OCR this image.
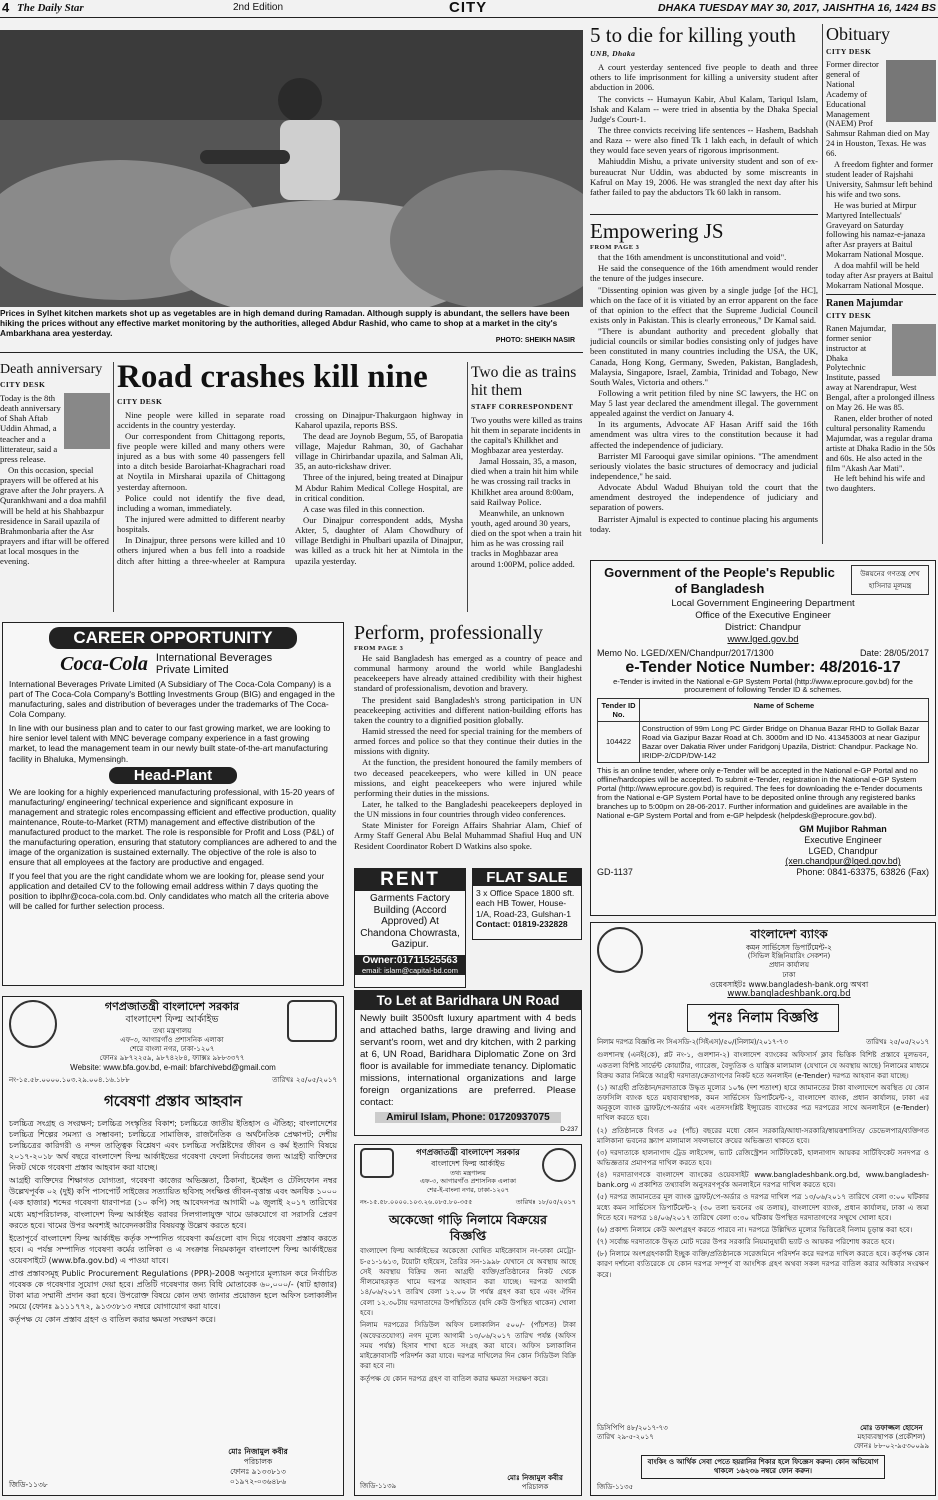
4 The Daily Star	2nd Edition	CITY	DHAKA TUESDAY MAY 30, 2017, JAISHTHA 16, 1424 BS
Prices in Sylhet kitchen markets shot up as vegetables are in high demand during Ramadan. Although supply is abundant, the sellers have been hiking the prices without any effective market monitoring by the authorities, alleged Abdur Rashid, who came to shop at a market in the city's Ambarkhana area yesterday.
PHOTO: SHEIKH NASIR
5 to die for killing youth
UNB, Dhaka

A court yesterday sentenced five people to death and three others to life imprisonment for killing a university student after abduction in 2006.

The convicts -- Humayun Kabir, Abul Kalam, Tariqul Islam, Ishak and Kalam -- were tried in absentia by the Dhaka Special Judge's Court-1.

The three convicts receiving life sentences -- Hashem, Badshah and Raza -- were also fined Tk 1 lakh each, in default of which they would face seven years of rigorous imprisonment.

Mahiuddin Mishu, a private university student and son of ex-bureaucrat Nur Uddin, was abducted by some miscreants in Kafrul on May 19, 2006. He was strangled the next day after his father failed to pay the abductors Tk 60 lakh in ransom.

Empowering JS
FROM PAGE 3

that the 16th amendment is unconstitutional and void".

He said the consequence of the 16th amendment would render the tenure of the judges insecure.

"Dissenting opinion was given by a single judge [of the HC], which on the face of it is vitiated by an error apparent on the face of that opinion to the effect that the Supreme Judicial Council exists only in Pakistan. This is clearly erroneous," Dr Kamal said.

"There is abundant authority and precedent globally that judicial councils or similar bodies consisting only of judges have been constituted in many countries including the USA, the UK, Canada, Hong Kong, Germany, Sweden, Pakistan, Bangladesh, Malaysia, Singapore, Israel, Zambia, Trinidad and Tobago, New South Wales, Victoria and others."

Following a writ petition filed by nine SC lawyers, the HC on May 5 last year declared the amendment illegal. The government appealed against the verdict on January 4.

In its arguments, Advocate AF Hasan Ariff said the 16th amendment was ultra vires to the constitution because it had affected the independence of judiciary.

Barrister MI Farooqui gave similar opinions. "The amendment seriously violates the basic structures of democracy and judicial independence," he said.

Advocate Abdul Wadud Bhuiyan told the court that the amendment destroyed the independence of judiciary and separation of powers.

Barrister Ajmalul is expected to continue placing his arguments today.

Obituary
CITY DESK

Former director general of National Academy of Educational Management (NAEM) Prof Sahmsur Rahman died on May 24 in Houston, Texas. He was 66.

A freedom fighter and former student leader of Rajshahi University, Sahmsur left behind his wife and two sons.

He was buried at Mirpur Martyred Intellectuals' Graveyard on Saturday following his namaz-e-janaza after Asr prayers at Baitul Mokarram National Mosque.

A doa mahfil will be held today after Asr prayers at Baitul Mokarram National Mosque.

Ranen Majumdar
CITY DESK

Ranen Majumdar, former senior instructor at Dhaka Polytechnic Institute, passed away at Narendrapur, West Bengal, after a prolonged illness on May 26. He was 85.

Ranen, elder brother of noted cultural personality Ramendu Majumdar, was a regular drama artiste at Dhaka Radio in the 50s and 60s. He also acted in the film "Akash Aar Mati".

He left behind his wife and two daughters.

Death anniversary
CITY DESK

Today is the 8th death anniversary of Shah Aftab Uddin Ahmad, a teacher and a litterateur, said a press release.

On this occasion, special prayers will be offered at his grave after the Johr prayers. A Qurankhwani and a doa mahfil will be held at his Shahbazpur residence in Sarail upazila of Brahmonbaria after the Asr prayers and iftar will be offered at local mosques in the evening.

Road crashes kill nine
CITY DESK

Nine people were killed in separate road accidents in the country yesterday.

Our correspondent from Chittagong reports, five people were killed and many others were injured as a bus with some 40 passengers fell into a ditch beside Baroiarhat-Khagrachari road at Noytila in Mirsharai upazila of Chittagong yesterday afternoon.

Police could not identify the five dead, including a woman, immediately.

The injured were admitted to different nearby hospitals.

In Dinajpur, three persons were killed and 10 others injured when a bus fell into a roadside ditch after hitting a three-wheeler at Rampura crossing on Dinajpur-Thakurgaon highway in Kaharol upazila, reports BSS.

The dead are Joynob Begum, 55, of Baropatia village, Majedur Rahman, 30, of Gachahar village in Chirirbandar upazila, and Salman Ali, 35, an auto-rickshaw driver.

Three of the injured, being treated at Dinajpur M Abdur Rahim Medical College Hospital, are in critical condition.

A case was filed in this connection.

Our Dinajpur correspondent adds, Mysha Akter, 5, daughter of Alam Chowdhury of village Betdighi in Phulbari upazila of Dinajpur, was killed as a truck hit her at Nimtola in the upazila yesterday.

Two die as trains hit them
STAFF CORRESPONDENT

Two youths were killed as trains hit them in separate incidents in the capital's Khilkhet and Moghbazar area yesterday.

Jamal Hossain, 35, a mason, died when a train hit him while he was crossing rail tracks in Khilkhet area around 8:00am, said Railway Police.

Meanwhile, an unknown youth, aged around 30 years, died on the spot when a train hit him as he was crossing rail tracks in Moghbazar area around 1:00PM, police added.

CAREER OPPORTUNITY
Coca-Cola International Beverages Private Limited
International Beverages Private Limited (A Subsidiary of The Coca-Cola Company) is a part of The Coca-Cola Company's Bottling Investments Group (BIG) and engaged in the manufacturing, sales and distribution of beverages under the trademarks of The Coca-Cola Company.
In line with our business plan and to cater to our fast growing market, we are looking to hire senior level talent with MNC beverage company experience in a fast growing market, to lead the management team in our newly built state-of-the-art manufacturing facility in Bhaluka, Mymensingh.
Head-Plant
We are looking for a highly experienced manufacturing professional, with 15-20 years of manufacturing/ engineering/ technical experience and significant exposure in management and strategic roles encompassing efficient and effective production, quality maintenance, Route-to-Market (RTM) management and effective distribution of the manufactured product to the market. The role is responsible for Profit and Loss (P&L) of the manufacturing operation, ensuring that statutory compliances are adhered to and the image of the organization is sustained externally. The objective of the role is also to ensure that all employees at the factory are productive and engaged.
If you feel that you are the right candidate whom we are looking for, please send your application and detailed CV to the following email address within 7 days quoting the position to ibplhr@coca-cola.com.bd. Only candidates who match all the criteria above will be called for further selection process.
Perform, professionally
FROM PAGE 3

He said Bangladesh has emerged as a country of peace and communal harmony around the world while Bangladeshi peacekeepers have already attained credibility with their highest standard of professionalism, devotion and bravery.

The president said Bangladesh's strong participation in UN peacekeeping activities and different nation-building efforts has taken the country to a dignified position globally.

Hamid stressed the need for special training for the members of armed forces and police so that they continue their duties in the missions with dignity.

At the function, the president honoured the family members of two deceased peacekeepers, who were killed in UN peace missions, and eight peacekeepers who were injured while performing their duties in the missions.

Later, he talked to the Bangladeshi peacekeepers deployed in the UN missions in four countries through video conferences.

State Minister for Foreign Affairs Shahriar Alam, Chief of Army Staff General Abu Belal Muhammad Shafiul Huq and UN Resident Coordinator Robert D Watkins also spoke.

RENT
Garments Factory Building (Accord Approved) At Chandona Chowrasta, Gazipur.
Owner:01711525563
email: islam@capital-bd.com
FLAT SALE
3 x Office Space 1800 sft. each HB Tower, House-1/A, Road-23, Gulshan-1
Contact: 01819-232828
To Let at Baridhara UN Road
Newly built 3500sft luxury apartment with 4 beds and attached baths, large drawing and living and servant's room, wet and dry kitchen, with 2 parking at 6, UN Road, Baridhara Diplomatic Zone on 3rd floor is available for immediate tenancy. Diplomatic missions, international organizations and large foreign organizations are preferred. Please contact:
Amirul Islam, Phone: 01720937075
D-237
Government of the People's Republic of Bangladesh
উন্নয়নের গণতন্ত্র শেখ হাসিনার মূলমন্ত্র
Local Government Engineering Department
Office of the Executive Engineer
District: Chandpur
www.lged.gov.bd
Memo No. LGED/XEN/Chandpur/2017/1300	Date: 28/05/2017
e-Tender Notice Number: 48/2016-17
e-Tender is invited in the National e-GP System Portal (http://www.eprocure.gov.bd) for the procurement of following Tender ID & schemes.
Tender ID No.	Name of Scheme
104422	Construction of 99m Long PC Girder Bridge on Dhanua Bazar RHD to Gollak Bazar Road via Gazipur Bazar Road at Ch. 3000m and ID No. 413453003 at near Gazipur Bazar over Dakatia River under Faridgonj Upazila, District: Chandpur. Package No. IRIDP-2/CDP/DW-142
This is an online tender, where only e-Tender will be accepted in the National e-GP Portal and no offline/hardcopies will be accepted. To submit e-Tender, registration in the National e-GP System Portal (http://www.eprocure.gov.bd) is required. The fees for downloading the e-Tender documents from the National e-GP System Portal have to be deposited online through any registered banks branches up to 5:00pm on 28-06-2017. Further information and guidelines are available in the National e-GP System Portal and from e-GP helpdesk (helpdesk@eprocure.gov.bd).
GM Mujibor Rahman
Executive Engineer
LGED, Chandpur
(xen.chandpur@lged.gov.bd)
GD-1137	Phone: 0841-63375, 63826 (Fax)
গণপ্রজাতন্ত্রী বাংলাদেশ সরকার
বাংলাদেশ ফিল্ম আর্কাইভ
তথ্য মন্ত্রণালয়
এফ-৩, আগারগাঁও প্রশাসনিক এলাকা
শেরে বাংলা নগর, ঢাকা-১২০৭
ফোনঃ ৯৮৭২২৫৯, ৯৮৭৪২৮৪, ফ্যাক্সঃ ৯৮৮৩৩৭৭
Website: www.bfa.gov.bd, e-mail: bfarchivebd@gmail.com
নং-১৫.৫৮.০০০০.১০৩.২৯.০০৪.১৬.১৮৮	তারিখঃ ২৫/০৫/২০১৭
গবেষণা প্রস্তাব আহবান

চলচ্চিত্র সংগ্রহ ও সংরক্ষণ; চলচ্চিত্র সংস্কৃতির বিকাশ; চলচ্চিত্রে জাতীয় ইতিহাস ও ঐতিহ্য; বাংলাদেশের চলচ্চিত্র শিল্পের সমস্যা ও সম্ভাবনা; চলচ্চিত্রে সামাজিক, রাজনৈতিক ও অর্থনৈতিক প্রেক্ষাপট; দেশীয় চলচ্চিত্রের কারিগরী ও নন্দন তাত্ত্বিক বিশ্লেষণ এবং চলচ্চিত্র সংশ্লিষ্টদের জীবন ও কর্ম ইত্যাদি বিষয়ে ২০১৭-২০১৮ অর্থ বছরে বাংলাদেশ ফিল্ম আর্কাইভের গবেষণা ফেলো নির্বাচনের জন্য আগ্রহী ব্যক্তিদের নিকট থেকে গবেষণা প্রস্তাব আহবান করা যাচ্ছে।

আগ্রহী ব্যক্তিদের শিক্ষাগত যোগ্যতা, গবেষণা কাজের অভিজ্ঞতা, ঠিকানা, ইমেইল ও টেলিফোন নম্বর উল্লেখপূর্বক ০২ (দুই) কপি পাসপোর্ট সাইজের সত্যায়িত ছবিসহ সংক্ষিপ্ত জীবন-বৃত্তান্ত এবং অনধিক ১০০০ (এক হাজার) শব্দের গবেষণা ধারণাপত্র (১০ কপি) সহ আবেদনপত্র আগামী ০৯ জুলাই ২০১৭ তারিখের মধ্যে মহাপরিচালক, বাংলাদেশ ফিল্ম আর্কাইভ বরাবর সিলগালাযুক্ত খামে ডাকযোগে বা সরাসরি প্রেরণ করতে হবে। খামের উপর অবশ্যই আবেদনকারীর বিষয়বস্তু উল্লেখ করতে হবে।

ইতোপূর্বে বাংলাদেশ ফিল্ম আর্কাইভ কর্তৃক সম্পাদিত গবেষণা কর্মগুলো বাদ দিয়ে গবেষণা প্রস্তাব করতে হবে। এ পর্যন্ত সম্পাদিত গবেষণা কর্মের তালিকা ও এ সংক্রান্ত নিয়মকানুন বাংলাদেশ ফিল্ম আর্কাইভের ওয়েবসাইটে (www.bfa.gov.bd) এ পাওয়া যাবে।

প্রাপ্ত প্রস্তাবসমূহ Public Procurement Regulations (PPR)-2008 অনুসারে মূল্যায়ন করে নির্বাচিত গবেষক কে গবেষণার সুযোগ দেয়া হবে। প্রতিটি গবেষণার জন্য বিধি মোতাবেক ৬০,০০০/- (ষাট হাজার) টাকা মাত্র সম্মানী প্রদান করা হবে। উপরোক্ত বিষয়ে কোন তথ্য জানার প্রয়োজন হলে অফিস চলাকালীন সময়ে (ফোনঃ ৯১১১৭৭২, ৯১৩৩৮১৩ নম্বরে যোগাযোগ করা যাবে।

কর্তৃপক্ষ যে কোন প্রস্তাব গ্রহণ ও বাতিল করার ক্ষমতা সংরক্ষণ করে।

মোঃ নিজামুল কবীর
পরিচালক
ফোনঃ ৯১৩৩৮১৩
০১৯৭২-০৩৬৪৮৬
জিডি-১১৩৮
গণপ্রজাতন্ত্রী বাংলাদেশ সরকার
বাংলাদেশ ফিল্ম আর্কাইভ
তথ্য মন্ত্রণালয়
এফ-৩, আগারগাঁও প্রশাসনিক এলাকা
শের-ই-বাংলা নগর, ঢাকা-১২০৭
নং-১৫.৫৮.০০০০.১০৩.২৬.০৮৫.৮০-৩৫৫	তারিখঃ ১৮/০৫/২০১৭
অকেজো গাড়ি নিলামে বিক্রয়ের
বিজ্ঞপ্তি

বাংলাদেশ ফিল্ম আর্কাইভের অকেজো ঘোষিত মাইক্রোবাস নং-ঢাকা মেট্রো-চ-৫১-১৬১৩, টয়োটা হাইয়েস, তৈরির সন-১৯৯৮ যেখানে যে অবস্থায় আছে সেই অবস্থায় বিক্রির জন্য আগ্রহী ব্যক্তি/প্রতিষ্ঠানের নিকট থেকে সীলমোহরকৃত খামে দরপত্র আহবান করা যাচ্ছে। দরপত্র আগামী ১৪/০৬/২০১৭ তারিখ বেলা ১২.০০ টা পর্যন্ত গ্রহণ করা হবে এবং ঐদিন বেলা ১২.৩০টায় দরদাতাদের উপস্থিতিতে (যদি কেউ উপস্থিত থাকেন) খোলা হবে।

নিলাম দরপত্রের সিডিউল অফিস চলাকালিন ৫০০/- (পাঁচশত) টাকা (অফেরতযোগ্য) নগদ মূল্যে আগামী ১৩/০৬/২০১৭ তারিখ পর্যন্ত (অফিস সময় পর্যন্ত) হিসাব শাখা হতে সংগ্রহ করা যাবে। অফিস চলাকালিন মাইক্রোবাসটি পরিদর্শন করা যাবে। দরপত্র দাখিলের দিন কোন সিডিউল বিক্রি করা হবে না।

কর্তৃপক্ষ যে কোন দরপত্র গ্রহণ বা বাতিল করার ক্ষমতা সংরক্ষণ করে।

মোঃ নিজামুল কবীর
পরিচালক
জিডি-১১৩৯
বাংলাদেশ ব্যাংক
কমন সার্ভিসেস ডিপার্টমেন্ট-২
(সিভিল ইঞ্জিনিয়ারিং সেকশন)
প্রধান কার্যালয়
ঢাকা
ওয়েবসাইটঃ www.bangladesh-bank.org অথবা
www.bangladeshbank.org.bd
পুনঃ নিলাম বিজ্ঞপ্তি
নিলাম দরপত্র বিজ্ঞপ্তি নং সিএসডি-২(সিইএস)/৫০/(নিলাম)/২০১৭-৭৩	তারিখঃ ২৫/০৫/২০১৭

গুলশানস্থ (এনই(কে), প্লট নং-১, গুলশান-২) বাংলাদেশ ব্যাংকের অফিসার্স ক্লাব ভিত্তিক বিশিষ্ট প্রস্তাবে মূলভবন, একতলা বিশিষ্ট সার্ভেন্ট কোয়ার্টার, গ্যারেজ, বৈদ্যুতিক ও যান্ত্রিক মালামাল (যেখানে যে অবস্থায় আছে) নিলামের মাধ্যমে বিক্রয় করার নিমিত্তে আগ্রহী দরদাতা/ক্রেতাগণের নিকট হতে অনলাইন (e-Tender) দরপত্র আহবান করা যাচ্ছে।

(১) আগ্রহী প্রতিষ্ঠান/দরদাতাকে উদ্ধৃত মূল্যের ১০% (দশ শতাংশ) হারে জামানতের টাকা বাংলাদেশে অবস্থিত যে কোন তফসিলি ব্যাংক হতে মহাব্যবস্থাপক, কমন সার্ভিসেস ডিপার্টমেন্ট-২, বাংলাদেশ ব্যাংক, প্রধান কার্যালয়, ঢাকা এর অনুকূলে ব্যাংক ড্রাফট/পে-অর্ডার এবং এতদসংশ্লিষ্ট ইন্স্যুরেন্ড ব্যাংকের পত্র দরপত্রের সাথে অনলাইনে (e-Tender) দাখিল করতে হবে।

(২) প্রতিষ্ঠানকে বিগত ০৫ (পাঁচ) বছরের মধ্যে কোন সরকারি/আধা-সরকারি/স্বায়ত্তশাসিত/ ডেভেলপার/ব্যক্তিগত মালিকানা ভবনের স্ক্র্যাপ মালামাল সফলভাবে ক্রয়ের অভিজ্ঞতা থাকতে হবে।

(৩) দরদাতাকে হালনাগাদ ট্রেড লাইসেন্স, ভ্যাট রেজিস্ট্রেশন সার্টিফিকেট, হালনাগাদ আয়কর সার্টিফিকেট সনদপত্র ও অভিজ্ঞতার প্রমাণপত্র দাখিল করতে হবে।

(৪) দরদাতাগণকে বাংলাদেশ ব্যাংকের ওয়েবসাইট www.bangladeshbank.org.bd, www.bangladesh-bank.org এ প্রকাশিত তথ্যাবলি অনুসরণপূর্বক অনলাইনে দরপত্র দাখিল করতে হবে।

(৫) দরপত্র জামানতের মূল ব্যাংক ড্রাফট/পে-অর্ডার ও দরপত্র দাখিল পত্র ১৩/০৬/২০১৭ তারিখে বেলা ৩:০০ ঘটিকার মধ্যে কমন সার্ভিসেস ডিপার্টমেন্ট-২ (৩০ তলা ভবনের ৩য় তলায়), বাংলাদেশ ব্যাংক, প্রধান কার্যালয়, ঢাকা এ জমা দিতে হবে। দরপত্র ১৪/০৬/২০১৭ তারিখে বেলা ৩:৩০ ঘটিকায় উপস্থিত দরদাতাগণের সম্মুখে খোলা হবে।

(৬) প্রকাশ্য নিলামে কেউ অংশগ্রহণ করতে পারবে না। দরপত্রে উল্লিখিত মূল্যের ভিত্তিতেই নিলাম চূড়ান্ত করা হবে।

(৭) সর্বোচ্চ দরদাতাকে উদ্ধৃত মোট দরের উপর সরকারি নিয়মানুযায়ী ভ্যাট ও আয়কর পরিশোধ করতে হবে।

(৮) নিলামে অংশগ্রহণকারী ইচ্ছুক ব্যক্তি/প্রতিষ্ঠানকে সরেজমিনে পরিদর্শন করে দরপত্র দাখিল করতে হবে। কর্তৃপক্ষ কোন কারণ দর্শানো ব্যতিরেকে যে কোন দরপত্র সম্পূর্ণ বা আংশিক গ্রহণ অথবা সকল দরপত্র বাতিল করার অধিকার সংরক্ষণ করে।

ডিসিপিপি ৪৮/২০১৭-৭৩
তারিখ ২৯-৫-২০১৭
মোঃ তফাজ্জল হোসেন
মহাব্যবস্থাপক (প্রকৌশল)
ফোনঃ ৮৮-০২-৯৫৩০০৯৯
বাংকিং ও আর্থিক সেবা পেতে হয়রানির শিকার হলে ফিজ্ঞেস করুন। কোন অভিযোগ থাকলে ১৬২৩৬ নম্বরে ফোন করুন।
জিডি-১১৩৫
